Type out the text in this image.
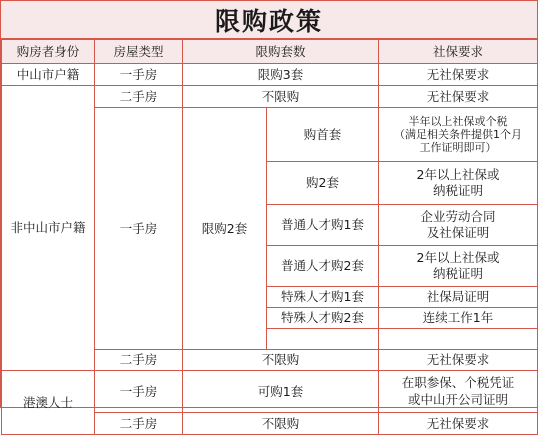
限购政策
购房者身份	房屋类型	限购套数		社保要求
中山市户籍	一手房	限购3套		无社保要求
非中山市户籍	二手房	不限购		无社保要求
	一手房	限购2套	购首套	半年以上社保或个税
（满足相关条件提供1个月
工作证明即可）

			购2套	2年以上社保或
纳税证明

			普通人才购1套	企业劳动合同
及社保证明

			普通人才购2套	2年以上社保或
纳税证明

			特殊人才购1套	社保局证明
			特殊人才购2套	连续工作1年

	二手房	不限购		无社保要求
港澳人士	一手房	可购1套		在职参保、个税凭证
或中山开公司证明

	二手房	不限购		无社保要求
